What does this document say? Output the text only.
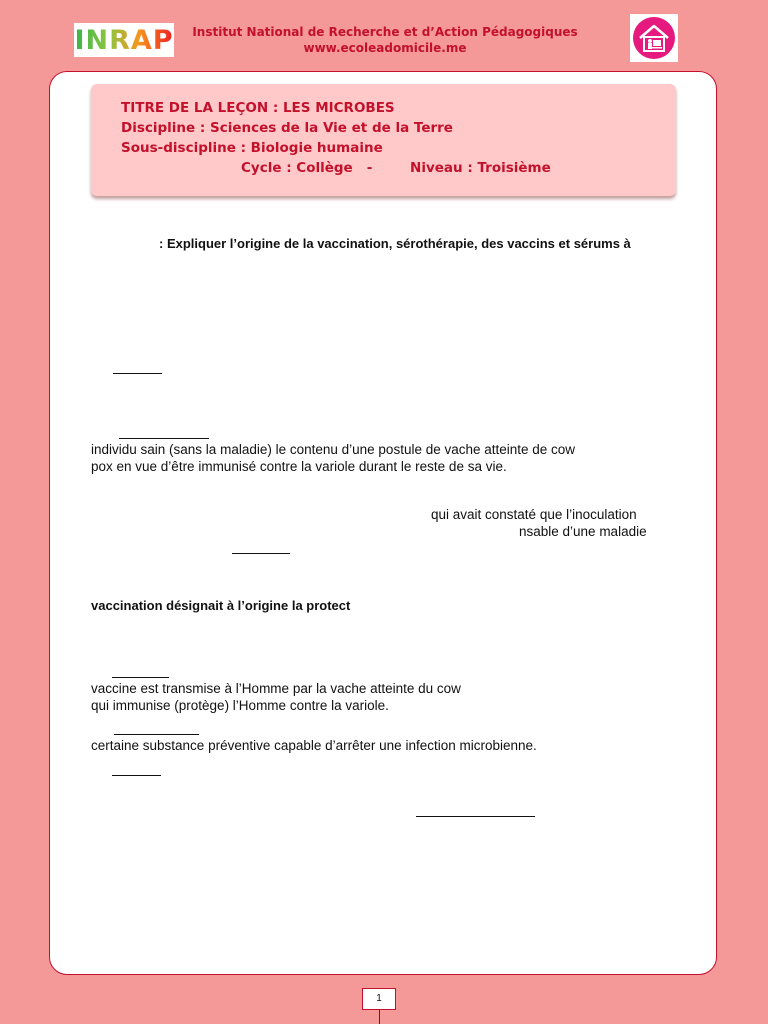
INRAP	Institut National de Recherche et d’Action Pédagogiques
www.ecoleadomicile.me
TITRE DE LA LEÇON : LES MICROBES
Discipline : Sciences de la Vie et de la Terre
Sous-discipline : Biologie humaine
Cycle : Collège   -	Niveau : Troisième
: Expliquer l’origine de la vaccination, sérothérapie, des vaccins et sérums à
individu sain (sans la maladie) le contenu d’une postule de vache atteinte de cow
pox en vue d’être immunisé contre la variole durant le reste de sa vie.
qui avait constaté que l’inoculation
nsable d’une maladie
vaccination désignait à l’origine la protect
vaccine est transmise à l’Homme par la vache atteinte du cow
qui immunise (protège) l’Homme contre la variole.
certaine substance préventive capable d’arrêter une infection microbienne.
1
